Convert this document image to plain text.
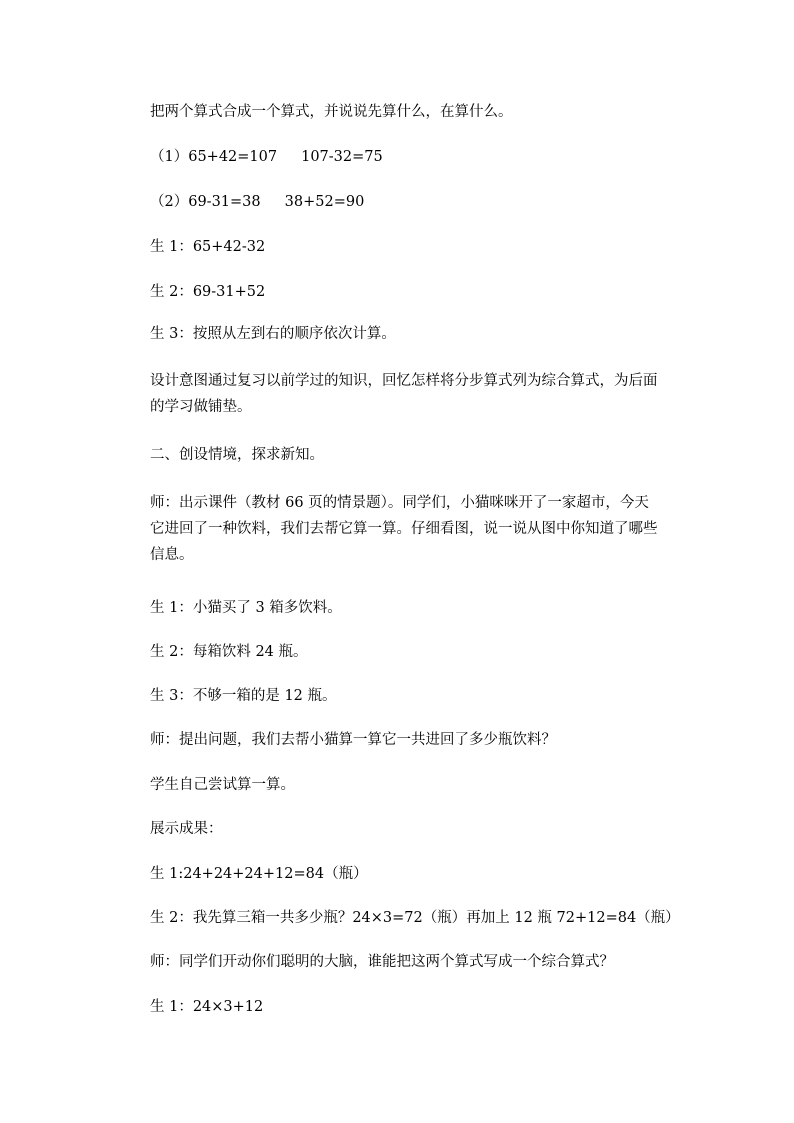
把两个算式合成一个算式，并说说先算什么，在算什么。
（1）65+42=107 107-32=75
（2）69-31=38 38+52=90
生 1：65+42-32
生 2：69-31+52
生 3：按照从左到右的顺序依次计算。
设计意图通过复习以前学过的知识，回忆怎样将分步算式列为综合算式，为后面的学习做铺垫。
二、创设情境，探求新知。
师：出示课件（教材 66 页的情景题）。同学们，小猫咪咪开了一家超市，今天它进回了一种饮料，我们去帮它算一算。仔细看图，说一说从图中你知道了哪些信息。
生 1：小猫买了 3 箱多饮料。
生 2：每箱饮料 24 瓶。
生 3：不够一箱的是 12 瓶。
师：提出问题，我们去帮小猫算一算它一共进回了多少瓶饮料？
学生自己尝试算一算。
展示成果：
生 1:24+24+24+12=84（瓶）
生 2：我先算三箱一共多少瓶？24×3=72（瓶）再加上 12 瓶 72+12=84（瓶）
师：同学们开动你们聪明的大脑，谁能把这两个算式写成一个综合算式？
生 1：24×3+12
